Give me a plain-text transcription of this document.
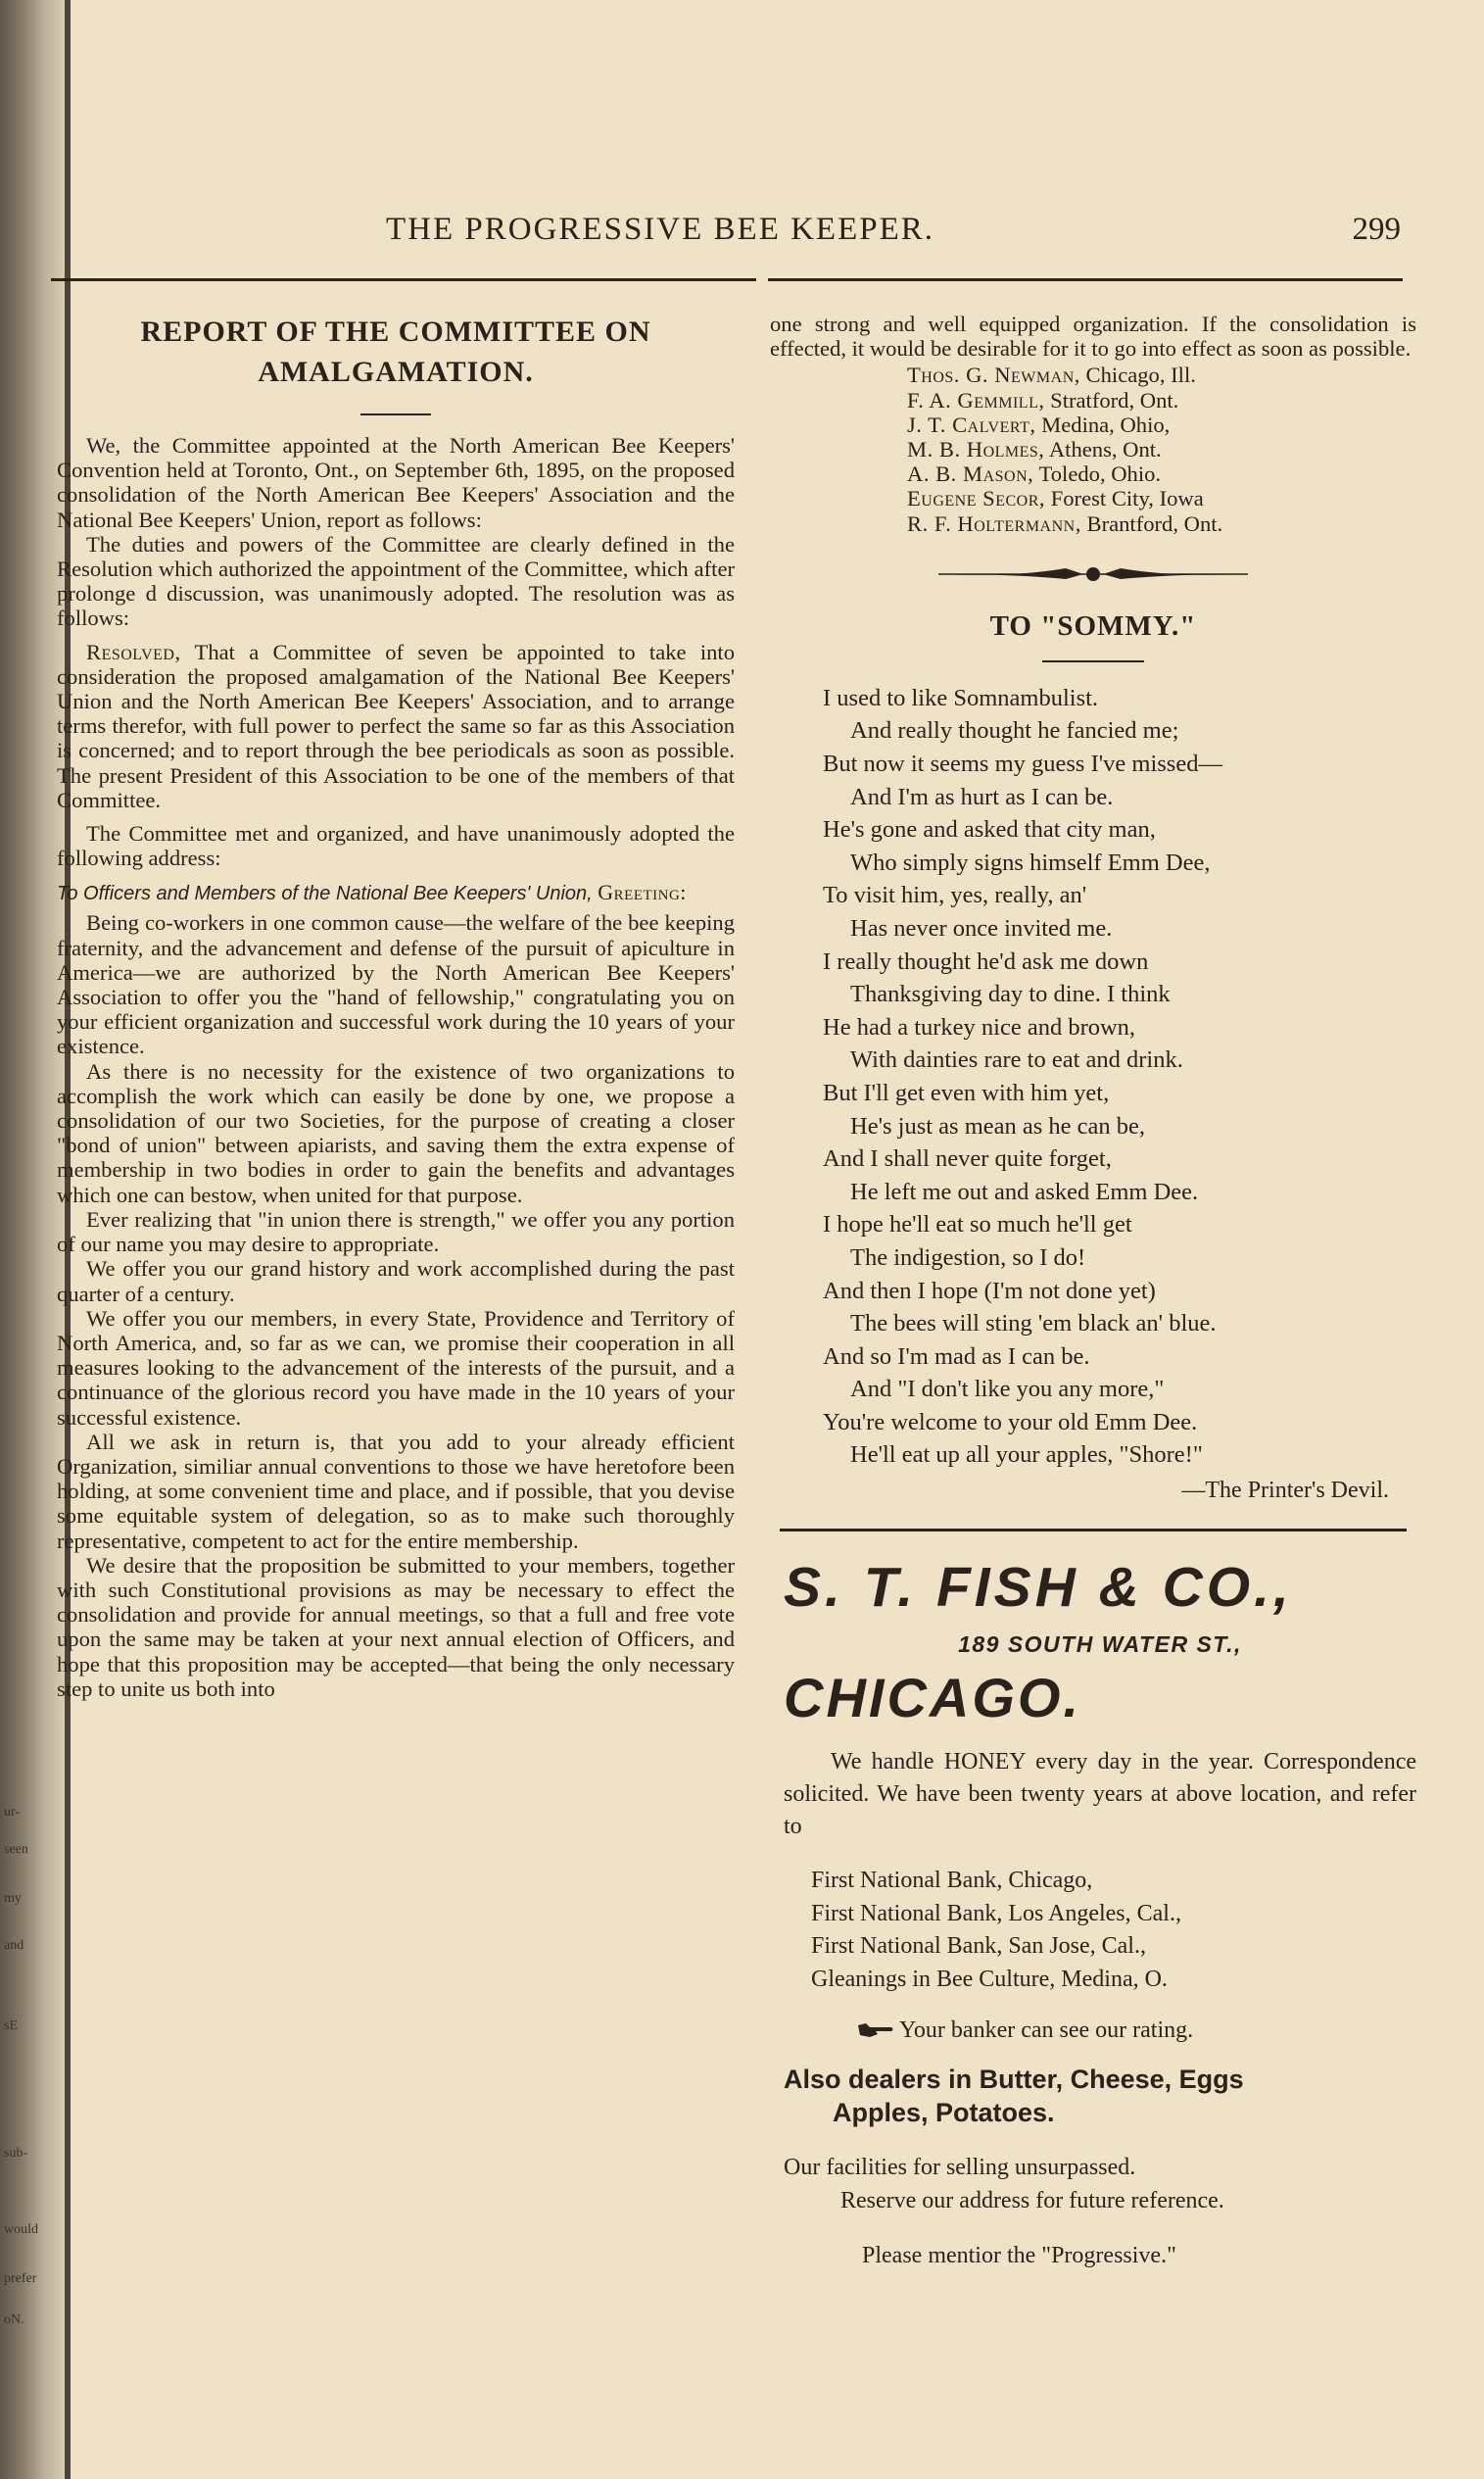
ur-
seen
my
and
sE
sub-
would
prefer
oN.
THE PROGRESSIVE BEE KEEPER.	299
REPORT OF THE COMMITTEE ON AMALGAMATION.

We, the Committee appointed at the North American Bee Keepers' Convention held at Toronto, Ont., on September 6th, 1895, on the proposed consolidation of the North American Bee Keepers' Association and the National Bee Keepers' Union, report as follows:

The duties and powers of the Committee are clearly defined in the Resolution which authorized the appointment of the Committee, which after prolonge d discussion, was unanimously adopted. The resolution was as follows:

Resolved, That a Committee of seven be appointed to take into consideration the proposed amalgamation of the National Bee Keepers' Union and the North American Bee Keepers' Association, and to arrange terms therefor, with full power to perfect the same so far as this Association is concerned; and to report through the bee periodicals as soon as possible. The present President of this Association to be one of the members of that Committee.

The Committee met and organized, and have unanimously adopted the following address:

To Officers and Members of the National Bee Keepers' Union, Greeting:

Being co-workers in one common cause—the welfare of the bee keeping fraternity, and the advancement and defense of the pursuit of apiculture in America—we are authorized by the North American Bee Keepers' Association to offer you the "hand of fellowship," congratulating you on your efficient organization and successful work during the 10 years of your existence.

As there is no necessity for the existence of two organizations to accomplish the work which can easily be done by one, we propose a consolidation of our two Societies, for the purpose of creating a closer "bond of union" between apiarists, and saving them the extra expense of membership in two bodies in order to gain the benefits and advantages which one can bestow, when united for that purpose.

Ever realizing that "in union there is strength," we offer you any portion of our name you may desire to appropriate.

We offer you our grand history and work accomplished during the past quarter of a century.

We offer you our members, in every State, Providence and Territory of North America, and, so far as we can, we promise their cooperation in all measures looking to the advancement of the interests of the pursuit, and a continuance of the glorious record you have made in the 10 years of your successful existence.

All we ask in return is, that you add to your already efficient Organization, similiar annual conventions to those we have heretofore been holding, at some convenient time and place, and if possible, that you devise some equitable system of delegation, so as to make such thoroughly representative, competent to act for the entire membership.

We desire that the proposition be submitted to your members, together with such Constitutional provisions as may be necessary to effect the consolidation and provide for annual meetings, so that a full and free vote upon the same may be taken at your next annual election of Officers, and hope that this proposition may be accepted—that being the only necessary step to unite us both into

one strong and well equipped organization. If the consolidation is effected, it would be desirable for it to go into effect as soon as possible.

Thos. G. Newman, Chicago, Ill.
F. A. Gemmill, Stratford, Ont.
J. T. Calvert, Medina, Ohio,
M. B. Holmes, Athens, Ont.
A. B. Mason, Toledo, Ohio.
Eugene Secor, Forest City, Iowa
R. F. Holtermann, Brantford, Ont.
TO "SOMMY."
I used to like Somnambulist.
And really thought he fancied me;
But now it seems my guess I've missed—
And I'm as hurt as I can be.
He's gone and asked that city man,
Who simply signs himself Emm Dee,
To visit him, yes, really, an'
Has never once invited me.
I really thought he'd ask me down
Thanksgiving day to dine. I think
He had a turkey nice and brown,
With dainties rare to eat and drink.
But I'll get even with him yet,
He's just as mean as he can be,
And I shall never quite forget,
He left me out and asked Emm Dee.
I hope he'll eat so much he'll get
The indigestion, so I do!
And then I hope (I'm not done yet)
The bees will sting 'em black an' blue.
And so I'm mad as I can be.
And "I don't like you any more,"
You're welcome to your old Emm Dee.
He'll eat up all your apples, "Shore!"
—The Printer's Devil.
S. T. FISH & CO.,
189 SOUTH WATER ST.,
CHICAGO.

We handle HONEY every day in the year. Correspondence solicited. We have been twenty years at above location, and refer to

First National Bank, Chicago,
First National Bank, Los Angeles, Cal.,
First National Bank, San Jose, Cal.,
Gleanings in Bee Culture, Medina, O.
Your banker can see our rating.
Also dealers in Butter, Cheese, Eggs
Apples, Potatoes.
Our facilities for selling unsurpassed.
Reserve our address for future reference.
Please mentior the "Progressive."
